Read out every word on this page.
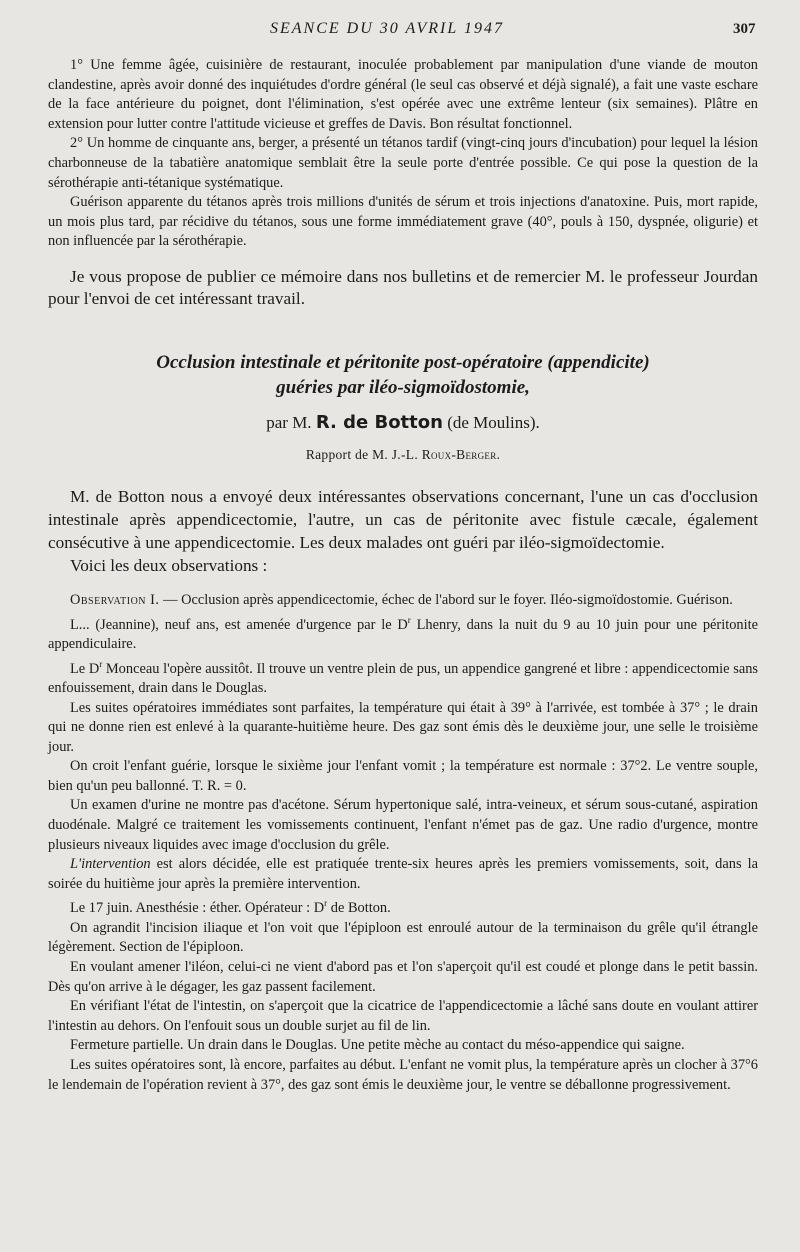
SEANCE DU 30 AVRIL 1947	307

1° Une femme âgée, cuisinière de restaurant, inoculée probablement par manipulation d'une viande de mouton clandestine, après avoir donné des inquiétudes d'ordre général (le seul cas observé et déjà signalé), a fait une vaste eschare de la face antérieure du poignet, dont l'élimination, s'est opérée avec une extrême lenteur (six semaines). Plâtre en extension pour lutter contre l'attitude vicieuse et greffes de Davis. Bon résultat fonctionnel.

2° Un homme de cinquante ans, berger, a présenté un tétanos tardif (vingt-cinq jours d'incubation) pour lequel la lésion charbonneuse de la tabatière anatomique semblait être la seule porte d'entrée possible. Ce qui pose la question de la sérothérapie anti-tétanique systématique.

Guérison apparente du tétanos après trois millions d'unités de sérum et trois injections d'anatoxine. Puis, mort rapide, un mois plus tard, par récidive du tétanos, sous une forme immédiatement grave (40°, pouls à 150, dyspnée, oligurie) et non influencée par la sérothérapie.

Je vous propose de publier ce mémoire dans nos bulletins et de remercier M. le professeur Jourdan pour l'envoi de cet intéressant travail.

Occlusion intestinale et péritonite post-opératoire (appendicite)
guéries par iléo-sigmoïdostomie,
par M. R. de Botton (de Moulins).
Rapport de M. J.-L. Roux-Berger.

M. de Botton nous a envoyé deux intéressantes observations concernant, l'une un cas d'occlusion intestinale après appendicectomie, l'autre, un cas de péritonite avec fistule cæcale, également consécutive à une appendicectomie. Les deux malades ont guéri par iléo-sigmoïdectomie.

Voici les deux observations :

Observation I. — Occlusion après appendicectomie, échec de l'abord sur le foyer. Iléo-sigmoïdostomie. Guérison.

L... (Jeannine), neuf ans, est amenée d'urgence par le $D^r$ Lhenry, dans la nuit du 9 au 10 juin pour une péritonite appendiculaire.

Le $D^r$ Monceau l'opère aussitôt. Il trouve un ventre plein de pus, un appendice gangrené et libre : appendicectomie sans enfouissement, drain dans le Douglas.

Les suites opératoires immédiates sont parfaites, la température qui était à 39° à l'arrivée, est tombée à 37° ; le drain qui ne donne rien est enlevé à la quarante-huitième heure. Des gaz sont émis dès le deuxième jour, une selle le troisième jour.

On croit l'enfant guérie, lorsque le sixième jour l'enfant vomit ; la température est normale : 37°2. Le ventre souple, bien qu'un peu ballonné. T. R. = 0.

Un examen d'urine ne montre pas d'acétone. Sérum hypertonique salé, intra-veineux, et sérum sous-cutané, aspiration duodénale. Malgré ce traitement les vomissements continuent, l'enfant n'émet pas de gaz. Une radio d'urgence, montre plusieurs niveaux liquides avec image d'occlusion du grêle.

L'intervention est alors décidée, elle est pratiquée trente-six heures après les premiers vomissements, soit, dans la soirée du huitième jour après la première intervention.

Le 17 juin. Anesthésie : éther. Opérateur : $D^r$ de Botton.

On agrandit l'incision iliaque et l'on voit que l'épiploon est enroulé autour de la terminaison du grêle qu'il étrangle légèrement. Section de l'épiploon.

En voulant amener l'iléon, celui-ci ne vient d'abord pas et l'on s'aperçoit qu'il est coudé et plonge dans le petit bassin. Dès qu'on arrive à le dégager, les gaz passent facilement.

En vérifiant l'état de l'intestin, on s'aperçoit que la cicatrice de l'appendicectomie a lâché sans doute en voulant attirer l'intestin au dehors. On l'enfouit sous un double surjet au fil de lin.

Fermeture partielle. Un drain dans le Douglas. Une petite mèche au contact du méso-appendice qui saigne.

Les suites opératoires sont, là encore, parfaites au début. L'enfant ne vomit plus, la température après un clocher à 37°6 le lendemain de l'opération revient à 37°, des gaz sont émis le deuxième jour, le ventre se déballonne progressivement.
